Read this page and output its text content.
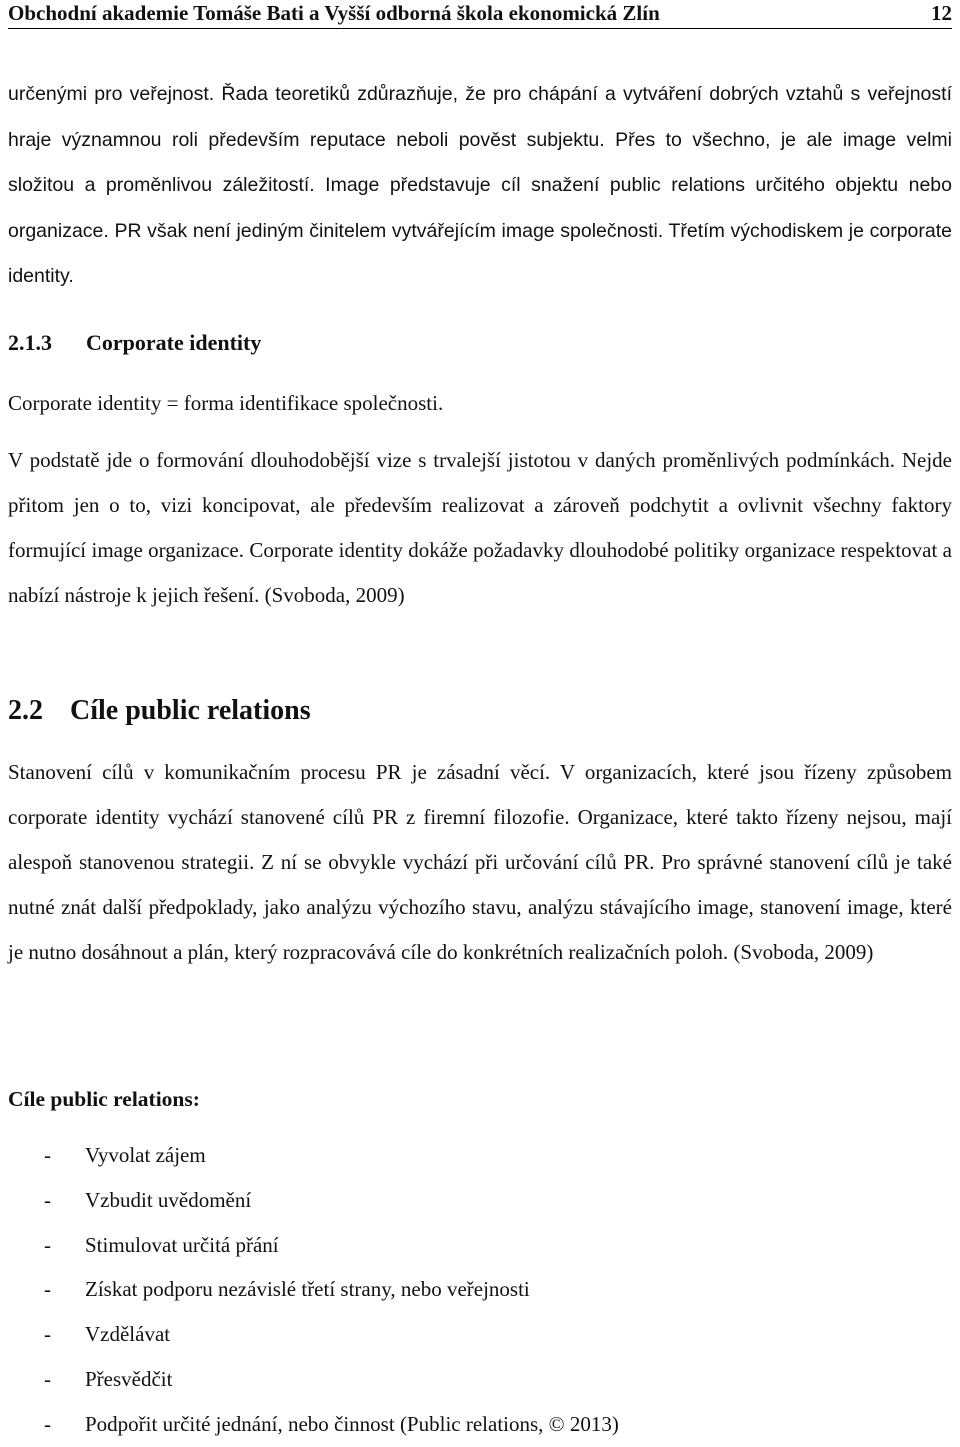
Obchodní akademie Tomáše Bati a Vyšší odborná škola ekonomická Zlín	12

určenými pro veřejnost. Řada teoretiků zdůrazňuje, že pro chápání a vytváření dobrých vztahů s veřejností hraje významnou roli především reputace neboli pověst subjektu. Přes to všechno, je ale image velmi složitou a proměnlivou záležitostí. Image představuje cíl snažení public relations určitého objektu nebo organizace. PR však není jediným činitelem vytvářejícím image společnosti. Třetím východiskem je corporate identity.

2.1.3 Corporate identity

Corporate identity = forma identifikace společnosti.

V podstatě jde o formování dlouhodobější vize s trvalejší jistotou v daných proměnlivých podmínkách. Nejde přitom jen o to, vizi koncipovat, ale především realizovat a zároveň podchytit a ovlivnit všechny faktory formující image organizace. Corporate identity dokáže požadavky dlouhodobé politiky organizace respektovat a nabízí nástroje k jejich řešení. (Svoboda, 2009)

2.2 Cíle public relations

Stanovení cílů v komunikačním procesu PR je zásadní věcí. V organizacích, které jsou řízeny způsobem corporate identity vychází stanovené cílů PR z firemní filozofie. Organizace, které takto řízeny nejsou, mají alespoň stanovenou strategii. Z ní se obvykle vychází při určování cílů PR. Pro správné stanovení cílů je také nutné znát další předpoklady, jako analýzu výchozího stavu, analýzu stávajícího image, stanovení image, které je nutno dosáhnout a plán, který rozpracovává cíle do konkrétních realizačních poloh. (Svoboda, 2009)

Cíle public relations:
- Vyvolat zájem
- Vzbudit uvědomění
- Stimulovat určitá přání
- Získat podporu nezávislé třetí strany, nebo veřejnosti
- Vzdělávat
- Přesvědčit
- Podpořit určité jednání, nebo činnost (Public relations, © 2013)
